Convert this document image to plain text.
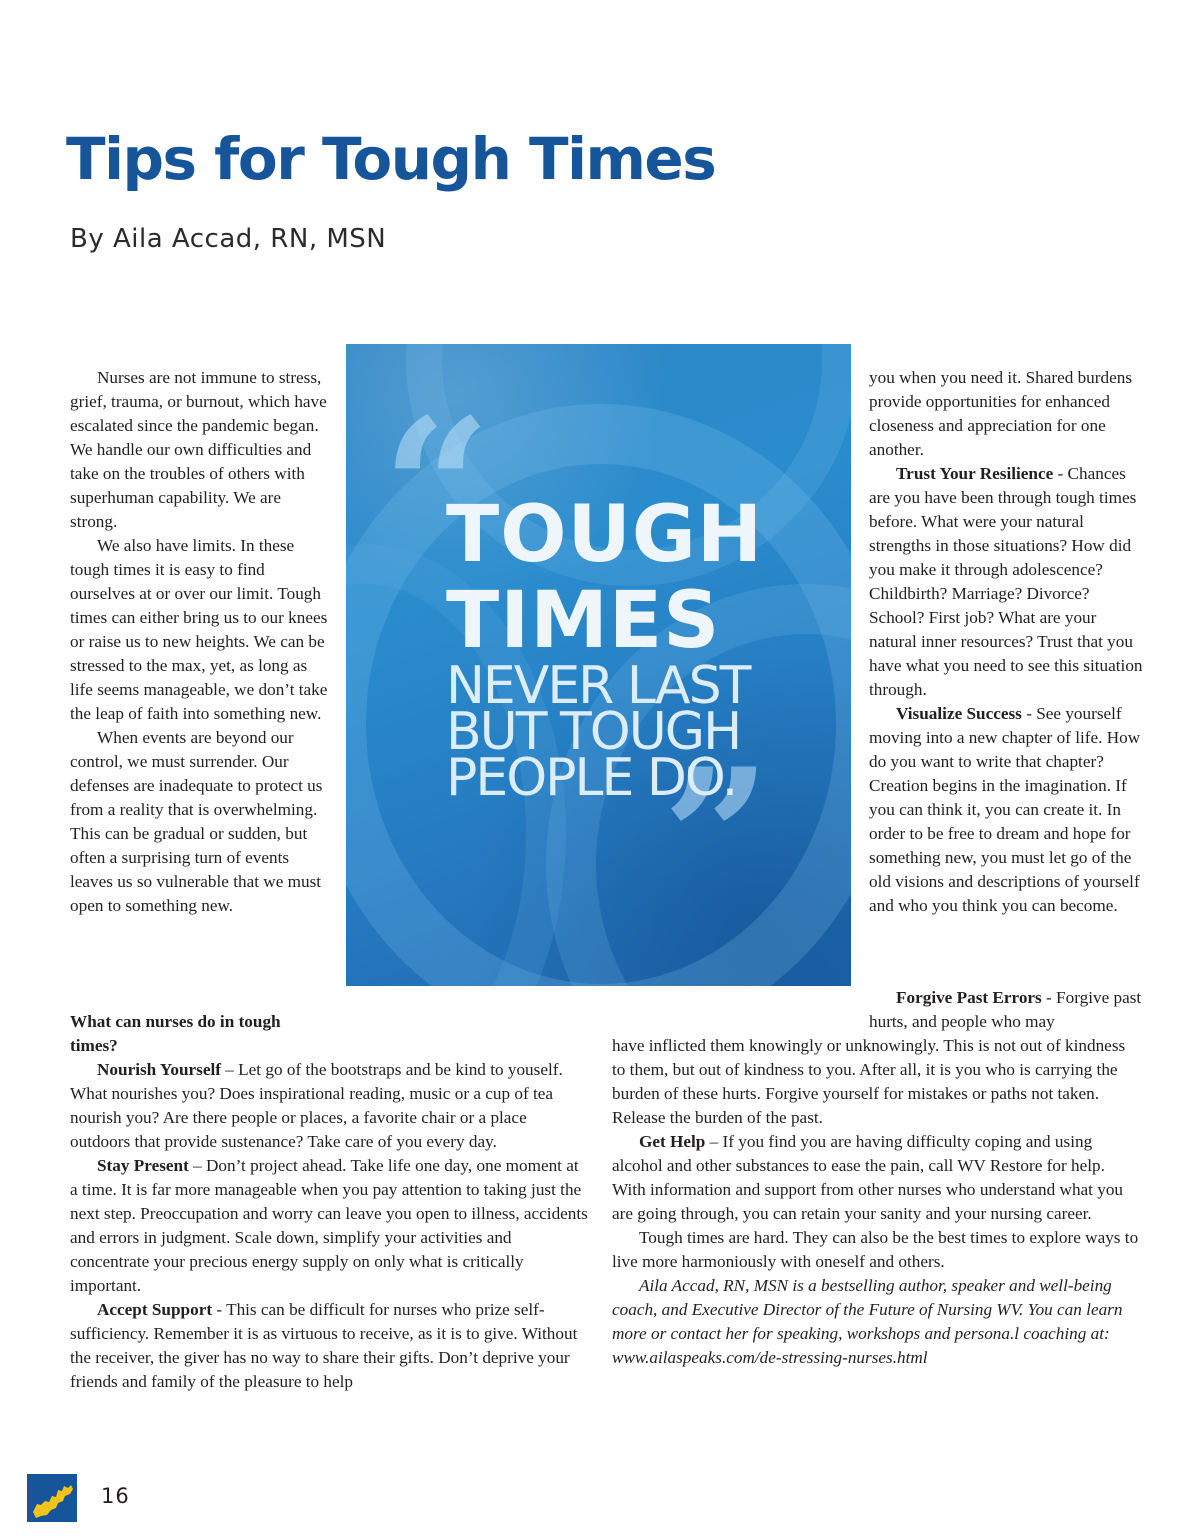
Tips for Tough Times
By Aila Accad, RN, MSN

Nurses are not immune to stress, grief, trauma, or burnout, which have escalated since the pandemic began. We handle our own difficulties and take on the troubles of others with superhuman capability. We are strong.

We also have limits. In these tough times it is easy to find ourselves at or over our limit. Tough times can either bring us to our knees or raise us to new heights. We can be stressed to the max, yet, as long as life seems manageable, we don’t take the leap of faith into something new.

When events are beyond our control, we must surrender. Our defenses are inadequate to protect us from a reality that is overwhelming. This can be gradual or sudden, but often a surprising turn of events leaves us so vulnerable that we must open to something new.

What can nurses do in tough times?

Nourish Yourself – Let go of the bootstraps and be kind to youself. What nourishes you? Does inspirational reading, music or a cup of tea nourish you? Are there people or places, a favorite chair or a place outdoors that provide sustenance? Take care of you every day.

Stay Present – Don’t project ahead. Take life one day, one moment at a time. It is far more manageable when you pay attention to taking just the next step. Preoccupation and worry can leave you open to illness, accidents and errors in judgment. Scale down, simplify your activities and concentrate your precious energy supply on only what is critically important.

Accept Support - This can be difficult for nurses who prize self-sufficiency. Remember it is as virtuous to receive, as it is to give. Without the receiver, the giver has no way to share their gifts. Don’t deprive your friends and family of the pleasure to help

“
”
TOUGH
TIMES
NEVER LAST
BUT TOUGH
PEOPLE DO.

you when you need it. Shared burdens provide opportunities for enhanced closeness and appreciation for one another.

Trust Your Resilience - Chances are you have been through tough times before. What were your natural strengths in those situations? How did you make it through adolescence? Childbirth? Marriage? Divorce? School? First job? What are your natural inner resources? Trust that you have what you need to see this situation through.

Visualize Success - See yourself moving into a new chapter of life. How do you want to write that chapter? Creation begins in the imagination. If you can think it, you can create it. In order to be free to dream and hope for something new, you must let go of the old visions and descriptions of yourself and who you think you can become.

Forgive Past Errors - Forgive past hurts, and people who may

have inflicted them knowingly or unknowingly. This is not out of kindness to them, but out of kindness to you. After all, it is you who is carrying the burden of these hurts. Forgive yourself for mistakes or paths not taken. Release the burden of the past.

Get Help – If you find you are having difficulty coping and using alcohol and other substances to ease the pain, call WV Restore for help. With information and support from other nurses who understand what you are going through, you can retain your sanity and your nursing career.

Tough times are hard. They can also be the best times to explore ways to live more harmoniously with oneself and others.

Aila Accad, RN, MSN is a bestselling author, speaker and well-being coach, and Executive Director of the Future of Nursing WV. You can learn more or contact her for speaking, workshops and persona.l coaching at: www.ailaspeaks.com/de-stressing-nurses.html

16
